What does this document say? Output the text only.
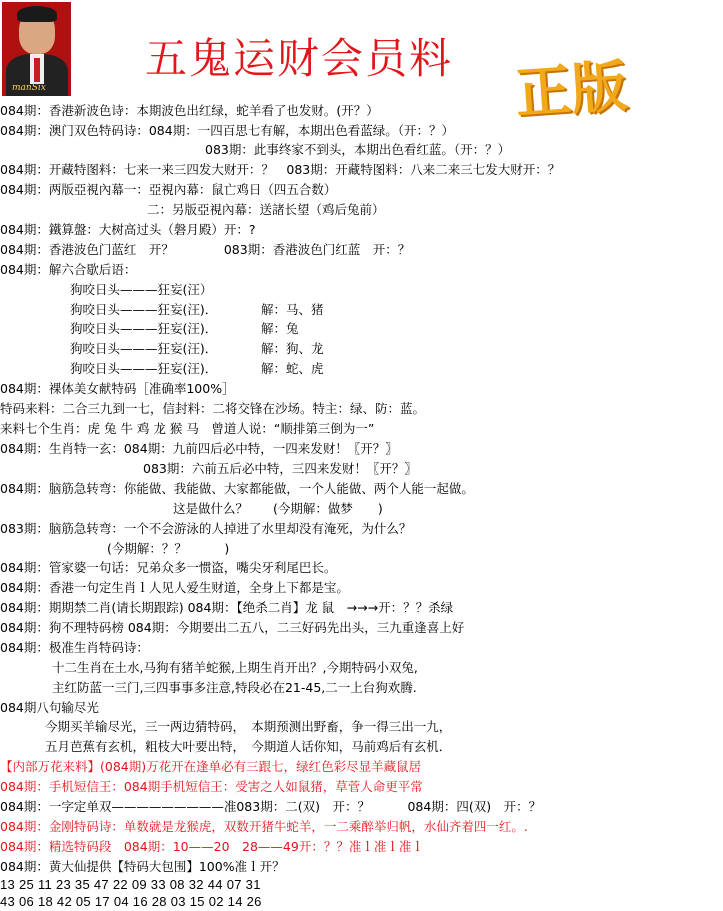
manSix
五鬼运财会员料 正版
084期：香港新波色诗：本期波色出红绿，蛇羊看了也发财。(开？）
084期：澳门双色特码诗：084期：一四百思七有解，本期出色看蓝绿。（开：？）
083期：此事终家不到头，本期出色看红蓝。（开：？）
084期：开藏特图料：七来一来三四发大财开：？　083期：开藏特图料：八来二来三七发大财开：？
084期：两版亞視內幕一：亞視內幕：鼠亡鸡日（四五合数）
二：另版亞視內幕：送諸长望（鸡后兔前）
084期：鐵算盤：大树高过头（磐月殿）开：?
084期：香港波色门蓝红　开？　　　　083期：香港波色门红蓝　开：？
084期：解六合歇后语：
狗咬日头———狂妄(汪）
狗咬日头———狂妄(汪)．　　　　解：马、猪
狗咬日头———狂妄(汪)．　　　　解：兔
狗咬日头———狂妄(汪)．　　　　解：狗、龙
狗咬日头———狂妄(汪)．　　　　解：蛇、虎
084期：裸体美女献特码［准确率100%］
特码来料：二合三九到一七，信封料：二将交锋在沙场。特主：绿、防：蓝。
来料七个生肖：虎 兔 牛 鸡 龙 猴 马　曾道人说：“顺排第三倒为一”
084期：生肖特一玄：084期：九前四后必中特，一四来发财！〖开？〗
083期：六前五后必中特，三四来发财！〖开？〗
084期：脑筋急转弯：你能做、我能做、大家都能做，一个人能做、两个人能一起做。
这是做什么？　　(今期解：做梦　　)
083期：脑筋急转弯：一个不会游泳的人掉进了水里却没有淹死，为什么？
(今期解：？？　　　)
084期：管家婆一句话：兄弟众多一惯盗，嘴尖牙利尾巴长。
084期：香港一句定生肖ｌ人见人爱生财道，全身上下都是宝。
084期：期期禁二肖(请长期跟踪) 084期：【绝杀二肖】龙 鼠　→→→开：？？杀绿
084期：狗不理特码榜 084期：今期要出二五八，二三好码先出头，三九重逢喜上好
084期：极准生肖特码诗：
十二生肖在土水,马狗有猪羊蛇猴,上期生肖开出？,今期特码小双兔,
主红防蓝一三门,三四事事多注意,特段必在21-45,二一上台狗欢腾.
084期八句输尽光
今期买羊输尽光，三一两边猜特码，　本期预测出野畜，争一得三出一九，
五月芭蕉有玄机，粗枝大叶要出特，　今期道人话你知，马前鸡后有玄机．
【内部万花来料】(084期)万花开在逢单必有三跟七，绿红色彩尽显羊藏鼠居
084期：手机短信王：084期手机短信王：受害之人如鼠猪，草菅人命更平常
084期：一字定单双—————————准083期：二(双)　开：？　　　084期：四(双)　开：？
084期：金刚特码诗：单数就是龙猴虎，双数开猪牛蛇羊，一二乘醉举归帆，水仙齐着四一红。.
084期：精选特码段　084期：10——20　28——49开：？？准ｌ准ｌ准ｌ
084期：黄大仙提供【特码大包围】100%准ｌ开？
13 25 11 23 35 47 22 09 33 08 32 44 07 31
43 06 18 42 05 17 04 16 28 03 15 02 14 26
